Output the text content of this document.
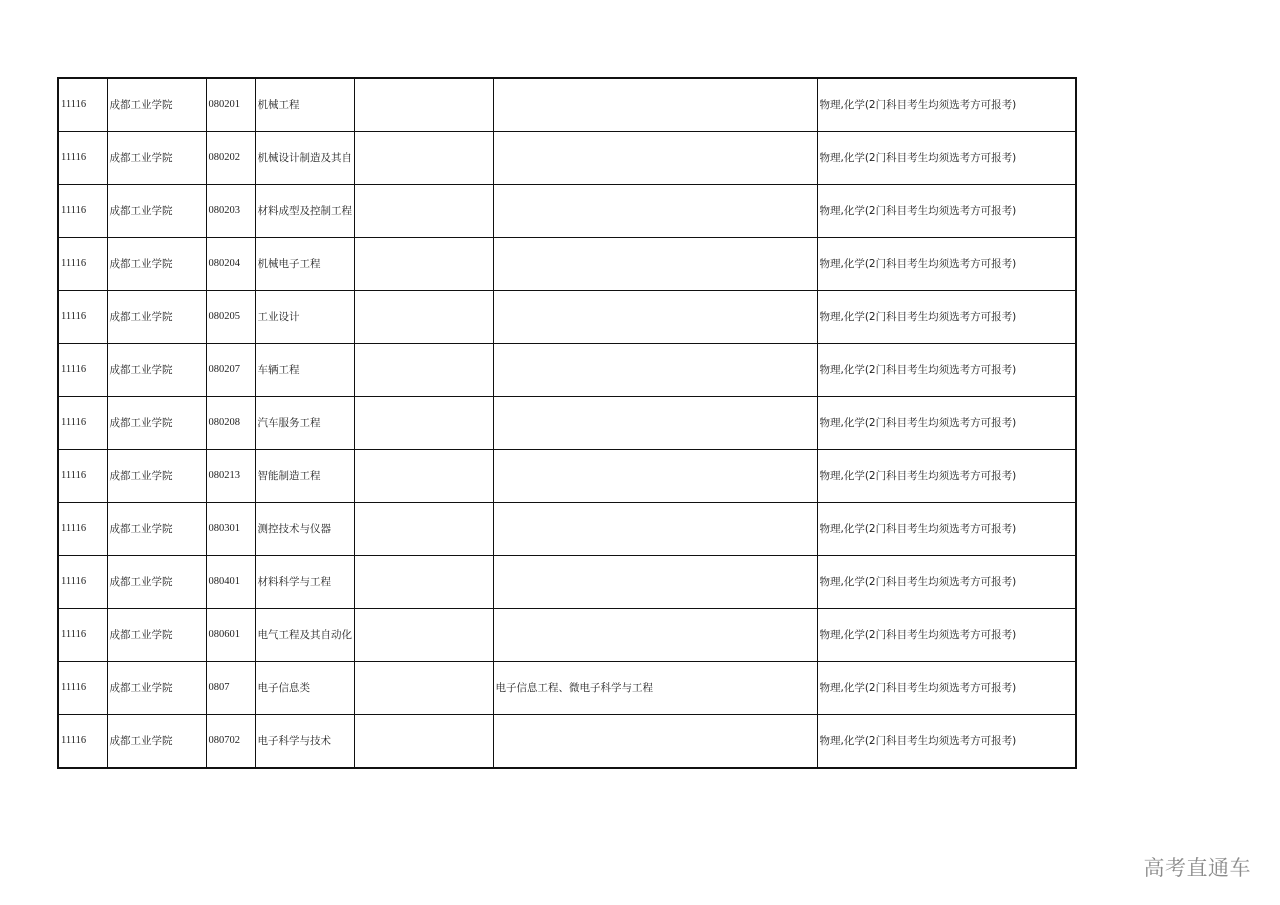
11116	成都工业学院	080201	机械工程			物理,化学(2门科目考生均须选考方可报考)
11116	成都工业学院	080202	机械设计制造及其自			物理,化学(2门科目考生均须选考方可报考)
11116	成都工业学院	080203	材料成型及控制工程			物理,化学(2门科目考生均须选考方可报考)
11116	成都工业学院	080204	机械电子工程			物理,化学(2门科目考生均须选考方可报考)
11116	成都工业学院	080205	工业设计			物理,化学(2门科目考生均须选考方可报考)
11116	成都工业学院	080207	车辆工程			物理,化学(2门科目考生均须选考方可报考)
11116	成都工业学院	080208	汽车服务工程			物理,化学(2门科目考生均须选考方可报考)
11116	成都工业学院	080213	智能制造工程			物理,化学(2门科目考生均须选考方可报考)
11116	成都工业学院	080301	测控技术与仪器			物理,化学(2门科目考生均须选考方可报考)
11116	成都工业学院	080401	材料科学与工程			物理,化学(2门科目考生均须选考方可报考)
11116	成都工业学院	080601	电气工程及其自动化			物理,化学(2门科目考生均须选考方可报考)
11116	成都工业学院	0807	电子信息类		电子信息工程、微电子科学与工程	物理,化学(2门科目考生均须选考方可报考)
11116	成都工业学院	080702	电子科学与技术			物理,化学(2门科目考生均须选考方可报考)
高考直通车
